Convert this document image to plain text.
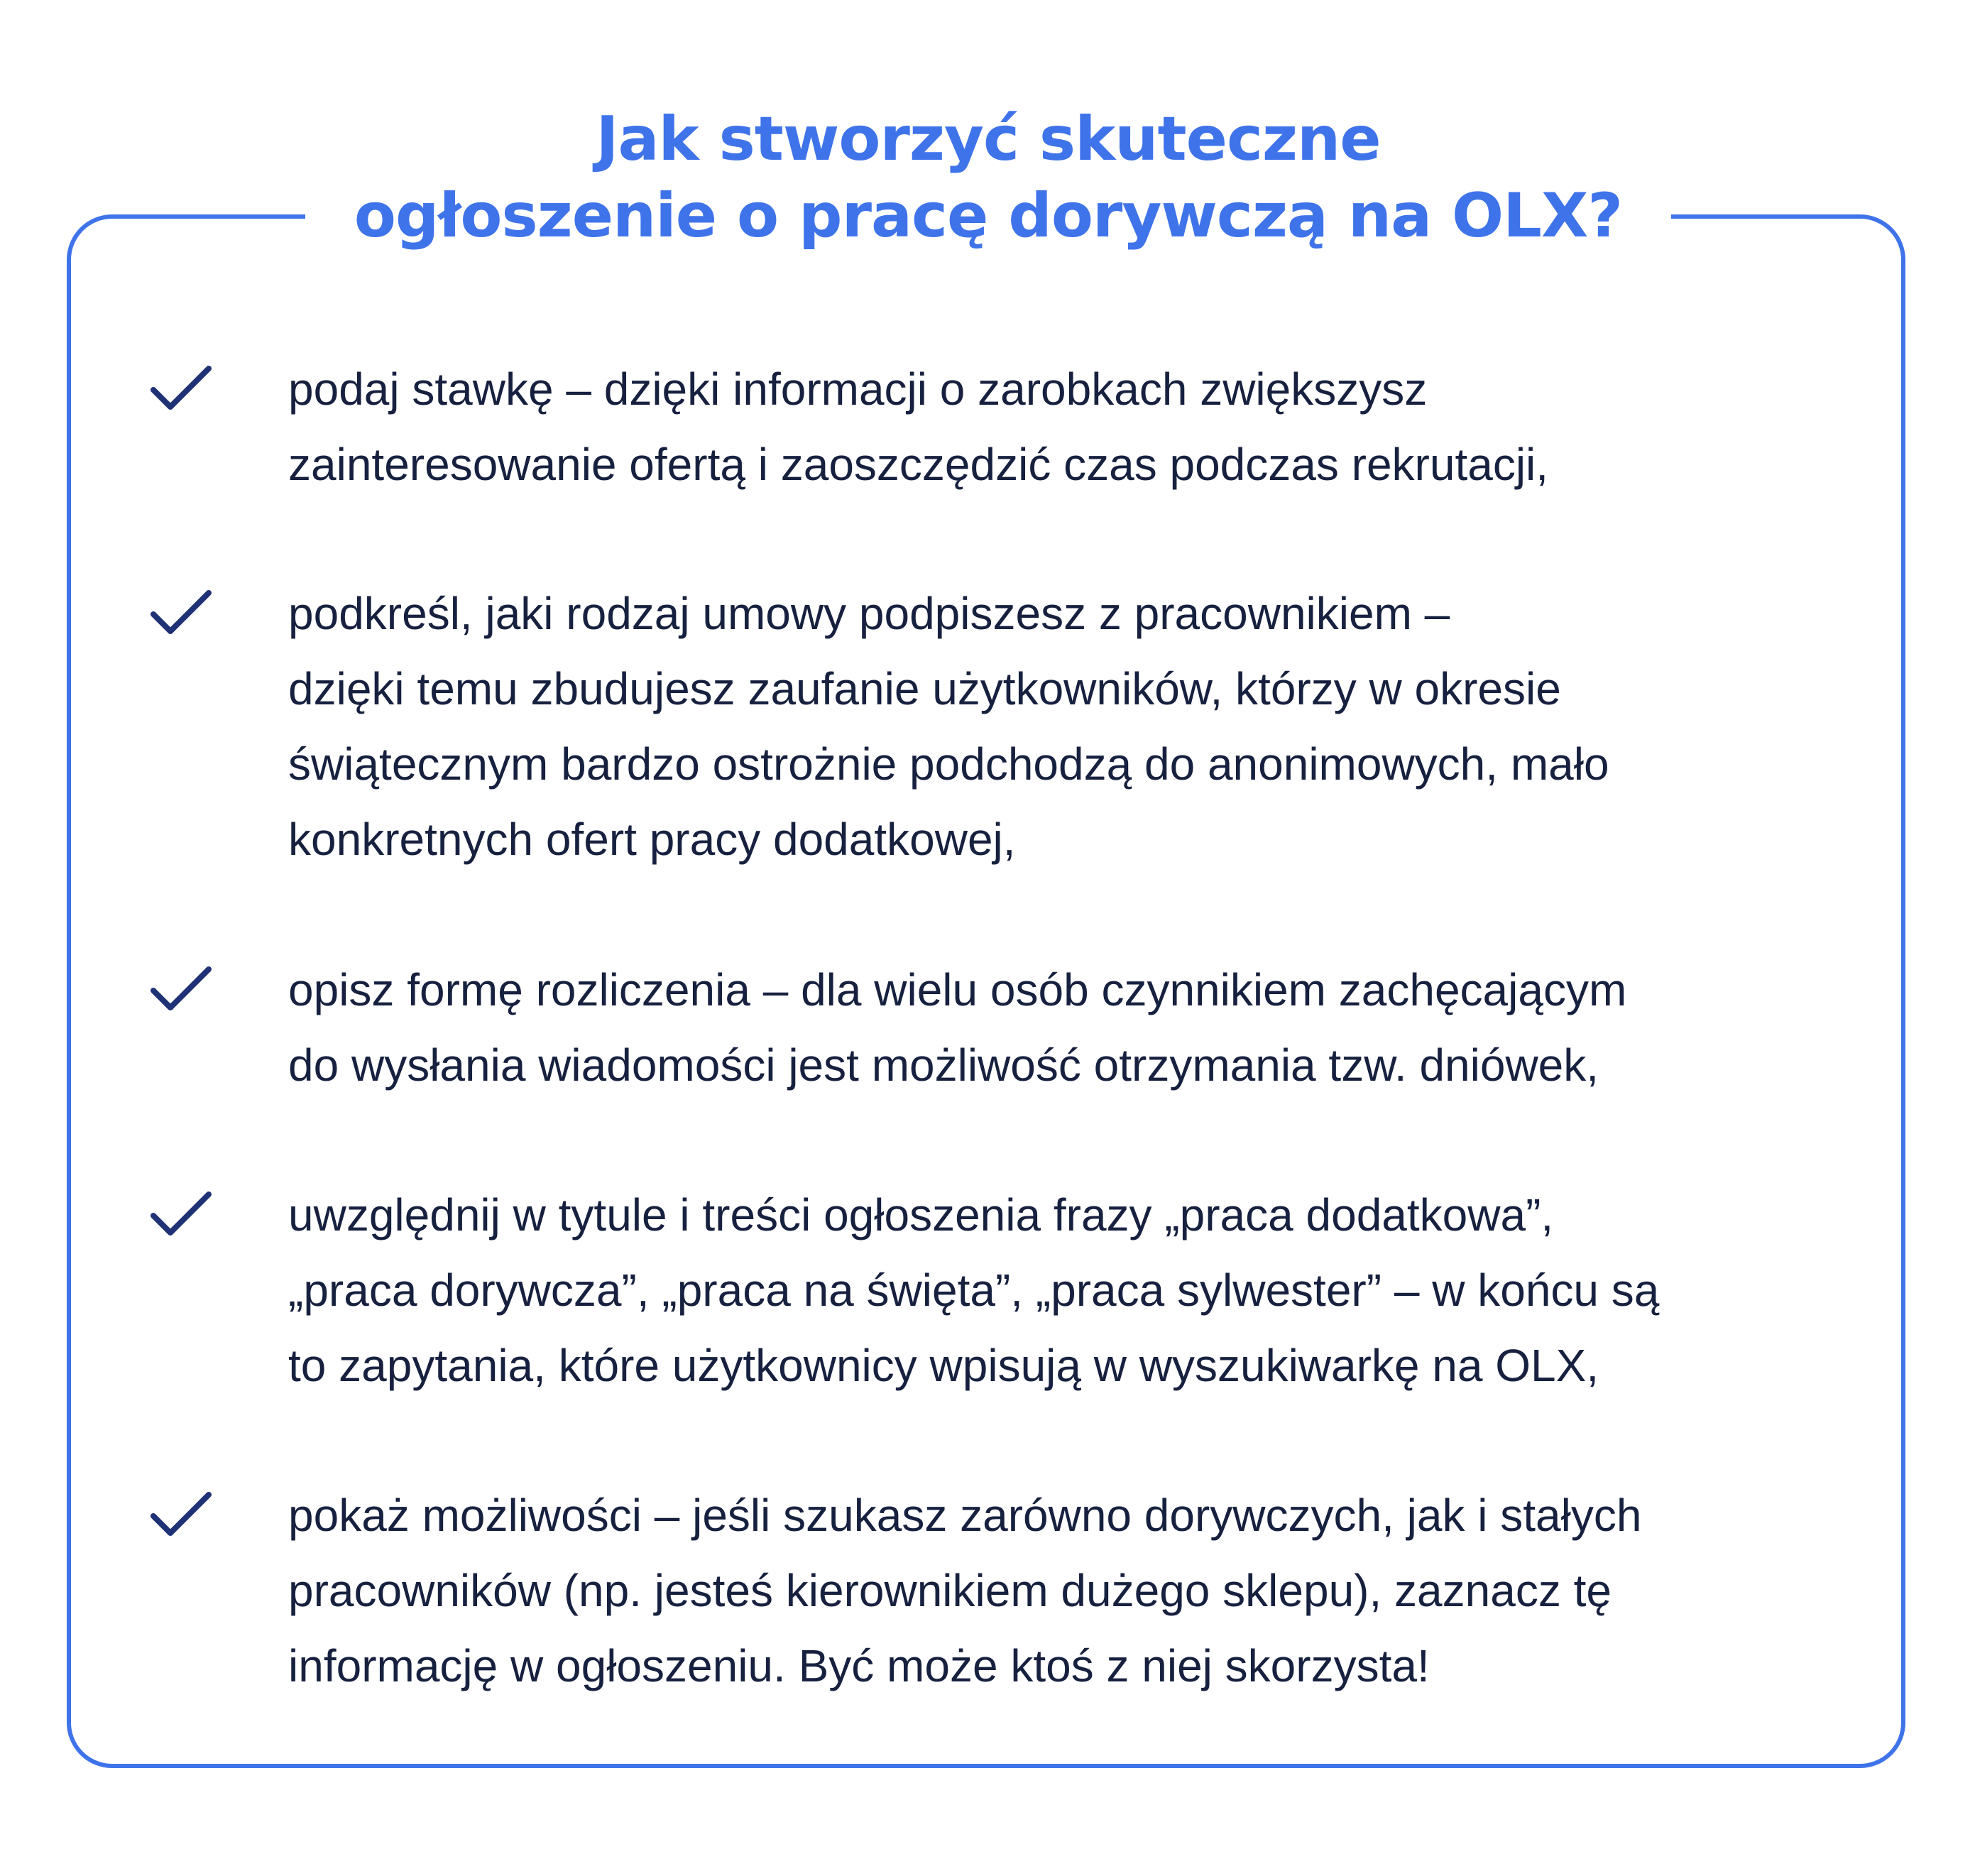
Jak stworzyć skuteczne
ogłoszenie o pracę dorywczą na OLX?

podaj stawkę – dzięki informacji o zarobkach zwiększysz
zainteresowanie ofertą i zaoszczędzić czas podczas rekrutacji,

podkreśl, jaki rodzaj umowy podpiszesz z pracownikiem –
dzięki temu zbudujesz zaufanie użytkowników, którzy w okresie
świątecznym bardzo ostrożnie podchodzą do anonimowych, mało
konkretnych ofert pracy dodatkowej,

opisz formę rozliczenia – dla wielu osób czynnikiem zachęcającym
do wysłania wiadomości jest możliwość otrzymania tzw. dniówek,

uwzględnij w tytule i treści ogłoszenia frazy „praca dodatkowa”,
„praca dorywcza”, „praca na święta”, „praca sylwester” – w końcu są
to zapytania, które użytkownicy wpisują w wyszukiwarkę na OLX,

pokaż możliwości – jeśli szukasz zarówno dorywczych, jak i stałych
pracowników (np. jesteś kierownikiem dużego sklepu), zaznacz tę
informację w ogłoszeniu. Być może ktoś z niej skorzysta!
